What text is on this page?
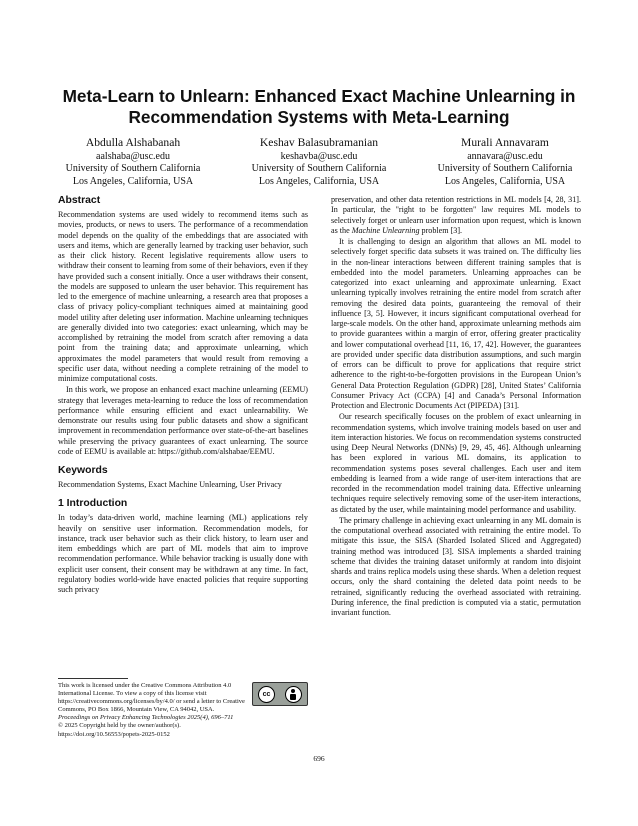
Meta-Learn to Unlearn: Enhanced Exact Machine Unlearning in Recommendation Systems with Meta-Learning
Abdulla Alshabanah
aalshaba@usc.edu
University of Southern California
Los Angeles, California, USA
Keshav Balasubramanian
keshavba@usc.edu
University of Southern California
Los Angeles, California, USA
Murali Annavaram
annavara@usc.edu
University of Southern California
Los Angeles, California, USA
Abstract

Recommendation systems are used widely to recommend items such as movies, products, or news to users. The performance of a recommendation model depends on the quality of the embeddings that are associated with users and items, which are generally learned by tracking user behavior, such as their click history. Recent legislative requirements allow users to withdraw their consent to learning from some of their behaviors, even if they have provided such a consent initially. Once a user withdraws their consent, the models are supposed to unlearn the user behavior. This requirement has led to the emergence of machine unlearning, a research area that proposes a class of privacy policy-compliant techniques aimed at maintaining good model utility after deleting user information. Machine unlearning techniques are generally divided into two categories: exact unlearning, which may be accomplished by retraining the model from scratch after removing a data point from the training data; and approximate unlearning, which approximates the model parameters that would result from removing a specific user data, without needing a complete retraining of the model to minimize computational costs.

In this work, we propose an enhanced exact machine unlearning (EEMU) strategy that leverages meta-learning to reduce the loss of recommendation performance while ensuring efficient and exact unlearnability. We demonstrate our results using four public datasets and show a significant improvement in recommendation performance over state-of-the-art baselines while preserving the privacy guarantees of exact unlearning. The source code of EEMU is available at: https://github.com/alshabae/EEMU.

Keywords

Recommendation Systems, Exact Machine Unlearning, User Privacy

1 Introduction

In today’s data-driven world, machine learning (ML) applications rely heavily on sensitive user information. Recommendation models, for instance, track user behavior such as their click history, to learn user and item embeddings which are part of ML models that aim to improve recommendation performance. While behavior tracking is usually done with explicit user consent, their consent may be withdrawn at any time. In fact, regulatory bodies world-wide have enacted policies that require supporting such privacy

This work is licensed under the Creative Commons Attribution 4.0 International License. To view a copy of this license visit https://creativecommons.org/licenses/by/4.0/ or send a letter to Creative Commons, PO Box 1866, Mountain View, CA 94042, USA.
cc
Proceedings on Privacy Enhancing Technologies 2025(4), 696–711
© 2025 Copyright held by the owner/author(s).
https://doi.org/10.56553/popets-2025-0152

preservation, and other data retention restrictions in ML models [4, 28, 31]. In particular, the "right to be forgotten" law requires ML models to selectively forget or unlearn user information upon request, which is known as the Machine Unlearning problem [3].

It is challenging to design an algorithm that allows an ML model to selectively forget specific data subsets it was trained on. The difficulty lies in the non-linear interactions between different training samples that is embedded into the model parameters. Unlearning approaches can be categorized into exact unlearning and approximate unlearning. Exact unlearning typically involves retraining the entire model from scratch after removing the desired data points, guaranteeing the removal of their influence [3, 5]. However, it incurs significant computational overhead for large-scale models. On the other hand, approximate unlearning methods aim to provide guarantees within a margin of error, offering greater practicality and lower computational overhead [11, 16, 17, 42]. However, the guarantees are provided under specific data distribution assumptions, and such margin of errors can be difficult to prove for applications that require strict adherence to the right-to-be-forgotten provisions in the European Union’s General Data Protection Regulation (GDPR) [28], United States’ California Consumer Privacy Act (CCPA) [4] and Canada’s Personal Information Protection and Electronic Documents Act (PIPEDA) [31].

Our research specifically focuses on the problem of exact unlearning in recommendation systems, which involve training models based on user and item interaction histories. We focus on recommendation systems constructed using Deep Neural Networks (DNNs) [9, 29, 45, 46]. Although unlearning has been explored in various ML domains, its application to recommendation systems poses several challenges. Each user and item embedding is learned from a wide range of user-item interactions that are recorded in the recommendation model training data. Effective unlearning techniques require selectively removing some of the user-item interactions, as dictated by the user, while maintaining model performance and usability.

The primary challenge in achieving exact unlearning in any ML domain is the computational overhead associated with retraining the entire model. To mitigate this issue, the SISA (Sharded Isolated Sliced and Aggregated) training method was introduced [3]. SISA implements a sharded training scheme that divides the training dataset uniformly at random into disjoint shards and trains replica models using these shards. When a deletion request occurs, only the shard containing the deleted data point needs to be retrained, significantly reducing the overhead associated with retraining. During inference, the final prediction is computed via a static, permutation invariant function.

696
